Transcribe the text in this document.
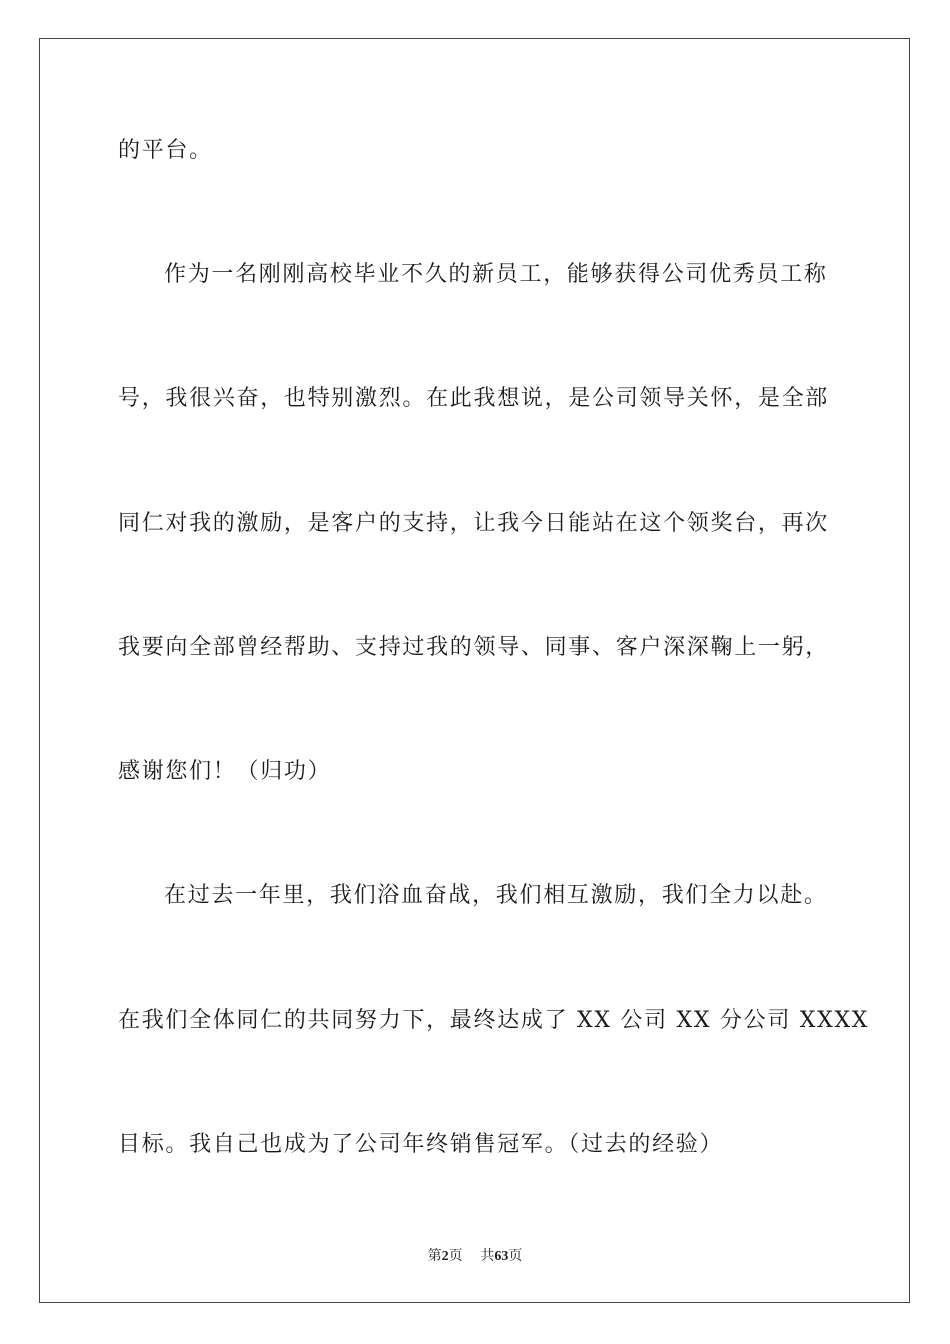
的平台。
作为一名刚刚高校毕业不久的新员工，能够获得公司优秀员工称
号，我很兴奋，也特别激烈。在此我想说，是公司领导关怀，是全部
同仁对我的激励，是客户的支持，让我今日能站在这个领奖台，再次
我要向全部曾经帮助、支持过我的领导、同事、客户深深鞠上一躬，
感谢您们！（归功）
在过去一年里，我们浴血奋战，我们相互激励，我们全力以赴。
在我们全体同仁的共同努力下，最终达成了 XX 公司 XX 分公司 XXXX
目标。我自己也成为了公司年终销售冠军。（过去的经验）
第2页 共63页
